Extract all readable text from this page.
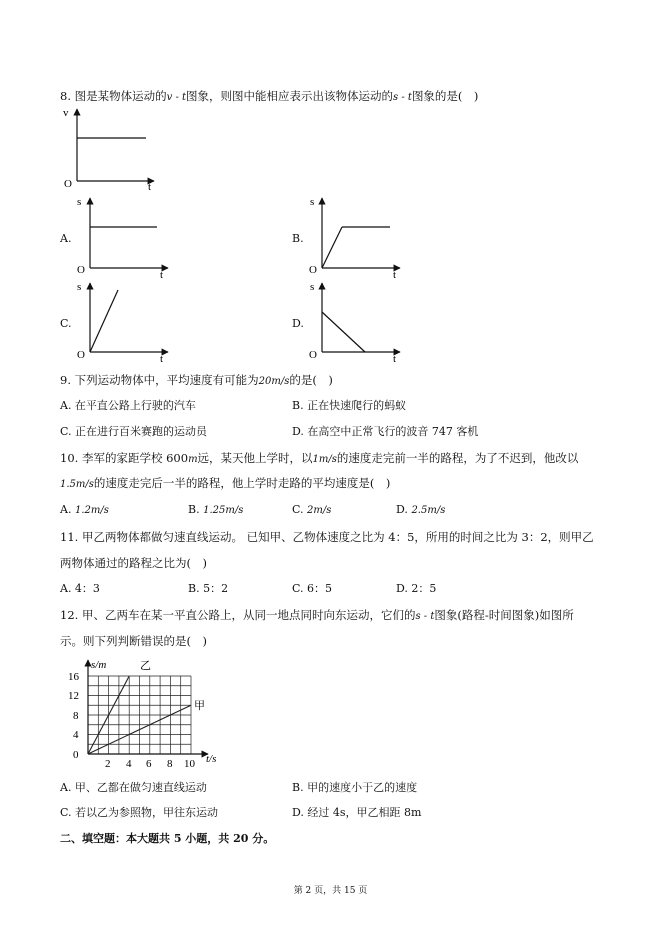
8. 图是某物体运动的v - t图象，则图中能相应表示出该物体运动的s - t图象的是(　)
v
t
O
A.
s
t
O
B.
s
t
O
C.
s
t
O
D.
s
t
O
9. 下列运动物体中，平均速度有可能为20m/s的是(　)
A. 在平直公路上行驶的汽车	B. 正在快速爬行的蚂蚁
C. 正在进行百米赛跑的运动员	D. 在高空中正常飞行的波音 747 客机
10. 李军的家距学校 600m远，某天他上学时，以1m/s的速度走完前一半的路程，为了不迟到，他改以
1.5m/s的速度走完后一半的路程，他上学时走路的平均速度是(　)
A. 1.2m/s	B. 1.25m/s	C. 2m/s	D. 2.5m/s
11. 甲乙两物体都做匀速直线运动。 已知甲、乙物体速度之比为 4：5，所用的时间之比为 3：2，则甲乙
两物体通过的路程之比为(　)
A. 4：3	B. 5：2	C. 6：5	D. 2：5
12. 甲、乙两车在某一平直公路上，从同一地点同时向东运动，它们的s - t图象(路程-时间图象)如图所
示。则下列判断错误的是(　)
s/m	乙
甲
16
12
8
4
0
2 4 6 8 10 t/s
A. 甲、乙都在做匀速直线运动	B. 甲的速度小于乙的速度
C. 若以乙为参照物，甲往东运动	D. 经过 4s，甲乙相距 8m
二、填空题：本大题共 5 小题，共 20 分。
第 2 页，共 15 页
